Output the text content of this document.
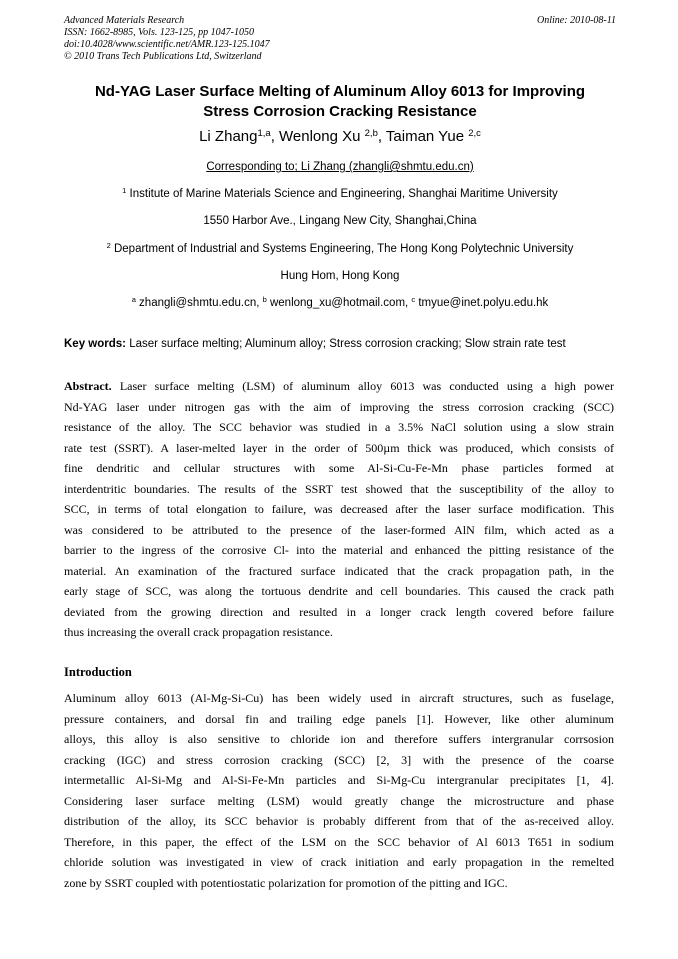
Advanced Materials Research
ISSN: 1662-8985, Vols. 123-125, pp 1047-1050
doi:10.4028/www.scientific.net/AMR.123-125.1047
© 2010 Trans Tech Publications Ltd, Switzerland
Online: 2010-08-11
Nd-YAG Laser Surface Melting of Aluminum Alloy 6013 for Improving
Stress Corrosion Cracking Resistance
Li Zhang$^{1,a}$, Wenlong Xu $^{2,b}$, Taiman Yue $^{2,c}$
Corresponding to; Li Zhang (zhangli@shmtu.edu.cn)
$^1$ Institute of Marine Materials Science and Engineering, Shanghai Maritime University
1550 Harbor Ave., Lingang New City, Shanghai,China
$^2$ Department of Industrial and Systems Engineering, The Hong Kong Polytechnic University
Hung Hom, Hong Kong
$^a$ zhangli@shmtu.edu.cn, $^b$ wenlong_xu@hotmail.com, $^c$ tmyue@inet.polyu.edu.hk
Key words: Laser surface melting; Aluminum alloy; Stress corrosion cracking; Slow strain rate test
Abstract. Laser surface melting (LSM) of aluminum alloy 6013 was conducted using a high power
Nd-YAG laser under nitrogen gas with the aim of improving the stress corrosion cracking (SCC)
resistance of the alloy. The SCC behavior was studied in a 3.5% NaCl solution using a slow strain
rate test (SSRT). A laser-melted layer in the order of 500µm thick was produced, which consists of
fine dendritic and cellular structures with some Al-Si-Cu-Fe-Mn phase particles formed at
interdentritic boundaries. The results of the SSRT test showed that the susceptibility of the alloy to
SCC, in terms of total elongation to failure, was decreased after the laser surface modification. This
was considered to be attributed to the presence of the laser-formed AlN film, which acted as a
barrier to the ingress of the corrosive Cl- into the material and enhanced the pitting resistance of the
material. An examination of the fractured surface indicated that the crack propagation path, in the
early stage of SCC, was along the tortuous dendrite and cell boundaries. This caused the crack path
deviated from the growing direction and resulted in a longer crack length covered before failure
thus increasing the overall crack propagation resistance.
Introduction
Aluminum alloy 6013 (Al-Mg-Si-Cu) has been widely used in aircraft structures, such as fuselage,
pressure containers, and dorsal fin and trailing edge panels [1]. However, like other aluminum
alloys, this alloy is also sensitive to chloride ion and therefore suffers intergranular corrsosion
cracking (IGC) and stress corrosion cracking (SCC) [2, 3] with the presence of the coarse
intermetallic Al-Si-Mg and Al-Si-Fe-Mn particles and Si-Mg-Cu intergranular precipitates [1, 4].
Considering laser surface melting (LSM) would greatly change the microstructure and phase
distribution of the alloy, its SCC behavior is probably different from that of the as-received alloy.
Therefore, in this paper, the effect of the LSM on the SCC behavior of Al 6013 T651 in sodium
chloride solution was investigated in view of crack initiation and early propagation in the remelted
zone by SSRT coupled with potentiostatic polarization for promotion of the pitting and IGC.
